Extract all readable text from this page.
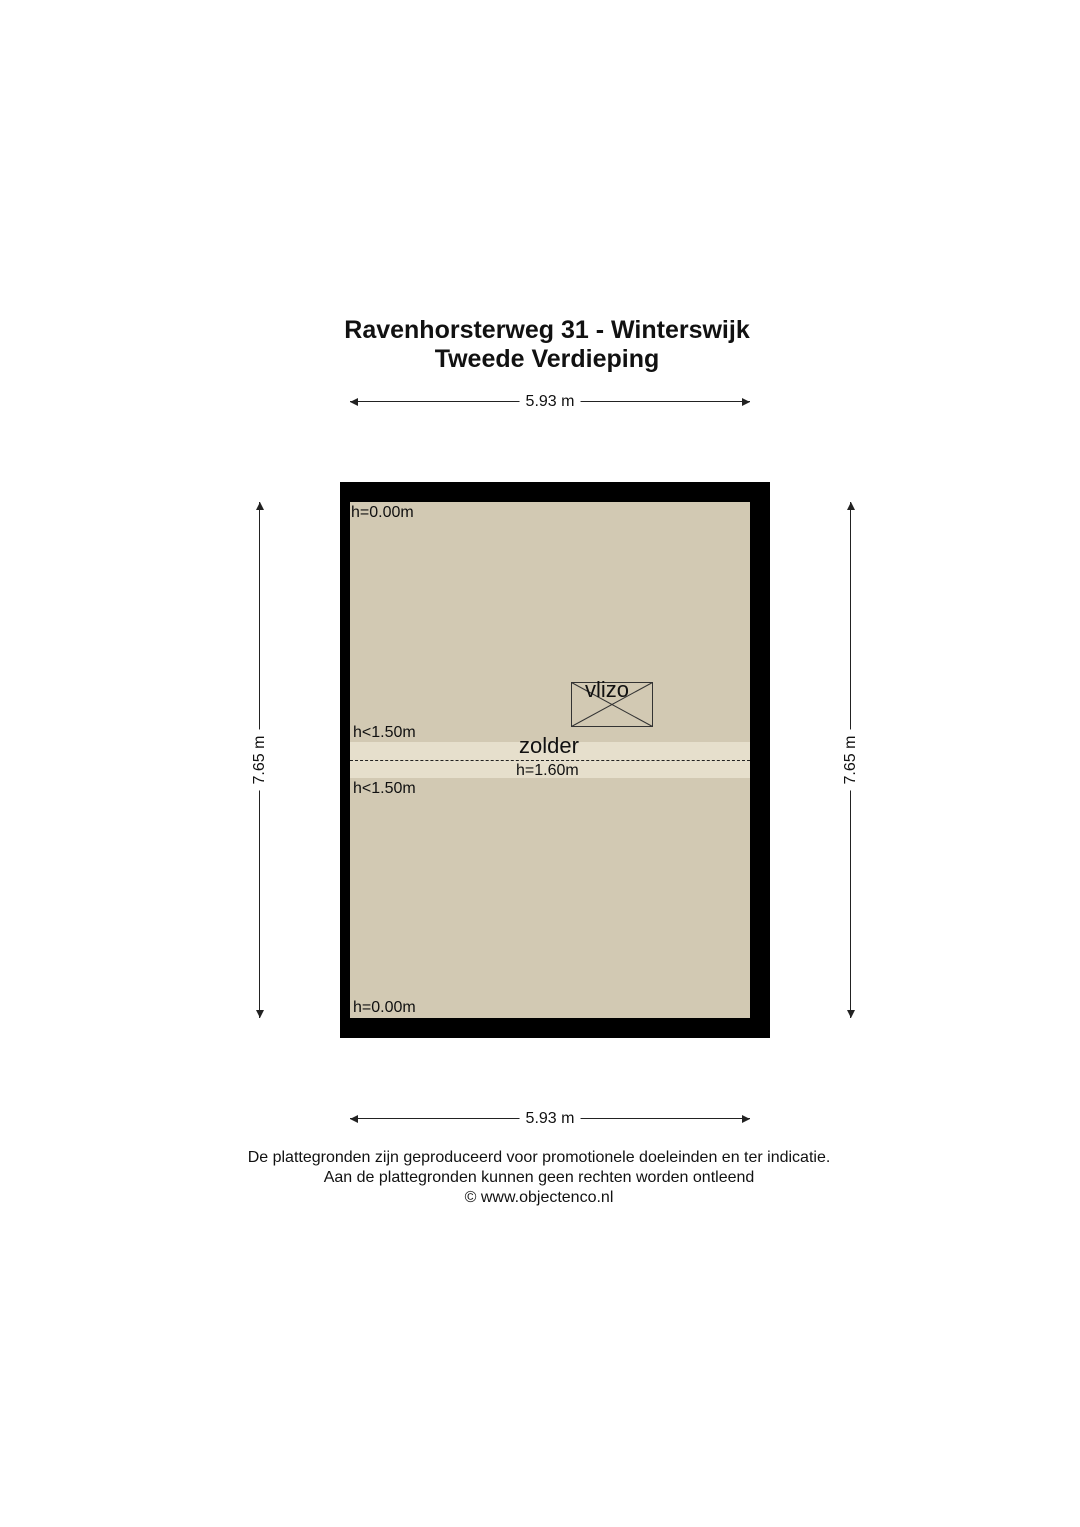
Ravenhorsterweg 31 - Winterswijk
Tweede Verdieping
5.93 m
7.65 m	7.65 m
vlizo
h=0.00m
h<1.50m
zolder
h=1.60m
h<1.50m
h=0.00m
5.93 m
De plattegronden zijn geproduceerd voor promotionele doeleinden en ter indicatie.
Aan de plattegronden kunnen geen rechten worden ontleend
© www.objectenco.nl
